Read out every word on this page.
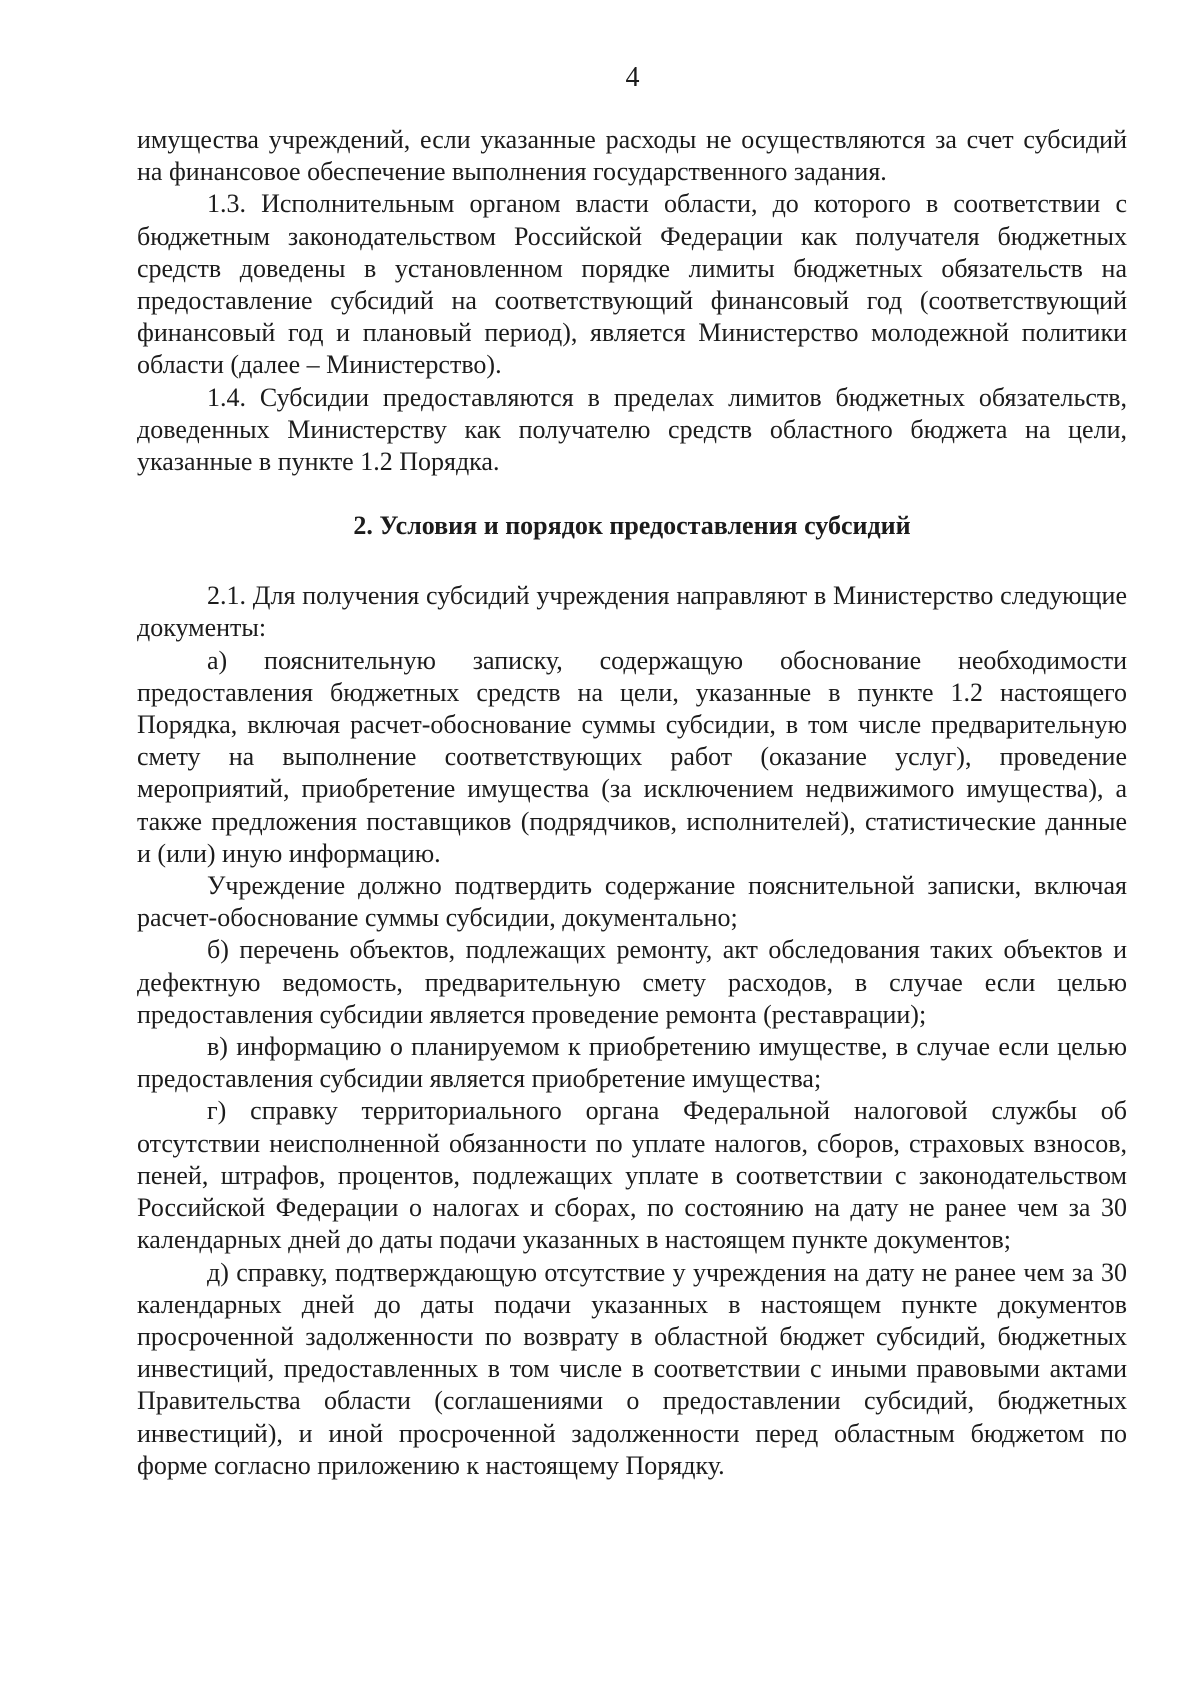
4

имущества учреждений, если указанные расходы не осуществляются за счет субсидий на финансовое обеспечение выполнения государственного задания.

1.3. Исполнительным органом власти области, до которого в соответствии с бюджетным законодательством Российской Федерации как получателя бюджетных средств доведены в установленном порядке лимиты бюджетных обязательств на предоставление субсидий на соответствующий финансовый год (соответствующий финансовый год и плановый период), является Министерство молодежной политики области (далее – Министерство).

1.4. Субсидии предоставляются в пределах лимитов бюджетных обязательств, доведенных Министерству как получателю средств областного бюджета на цели, указанные в пункте 1.2 Порядка.

2. Условия и порядок предоставления субсидий

2.1. Для получения субсидий учреждения направляют в Министерство следующие документы:

а) пояснительную записку, содержащую обоснование необходимости предоставления бюджетных средств на цели, указанные в пункте 1.2 настоящего Порядка, включая расчет-обоснование суммы субсидии, в том числе предварительную смету на выполнение соответствующих работ (оказание услуг), проведение мероприятий, приобретение имущества (за исключением недвижимого имущества), а также предложения поставщиков (подрядчиков, исполнителей), статистические данные и (или) иную информацию.

Учреждение должно подтвердить содержание пояснительной записки, включая расчет-обоснование суммы субсидии, документально;

б) перечень объектов, подлежащих ремонту, акт обследования таких объектов и дефектную ведомость, предварительную смету расходов, в случае если целью предоставления субсидии является проведение ремонта (реставрации);

в) информацию о планируемом к приобретению имуществе, в случае если целью предоставления субсидии является приобретение имущества;

г) справку территориального органа Федеральной налоговой службы об отсутствии неисполненной обязанности по уплате налогов, сборов, страховых взносов, пеней, штрафов, процентов, подлежащих уплате в соответствии с законодательством Российской Федерации о налогах и сборах, по состоянию на дату не ранее чем за 30 календарных дней до даты подачи указанных в настоящем пункте документов;

д) справку, подтверждающую отсутствие у учреждения на дату не ранее чем за 30 календарных дней до даты подачи указанных в настоящем пункте документов просроченной задолженности по возврату в областной бюджет субсидий, бюджетных инвестиций, предоставленных в том числе в соответствии с иными правовыми актами Правительства области (соглашениями о предоставлении субсидий, бюджетных инвестиций), и иной просроченной задолженности перед областным бюджетом по форме согласно приложению к настоящему Порядку.
